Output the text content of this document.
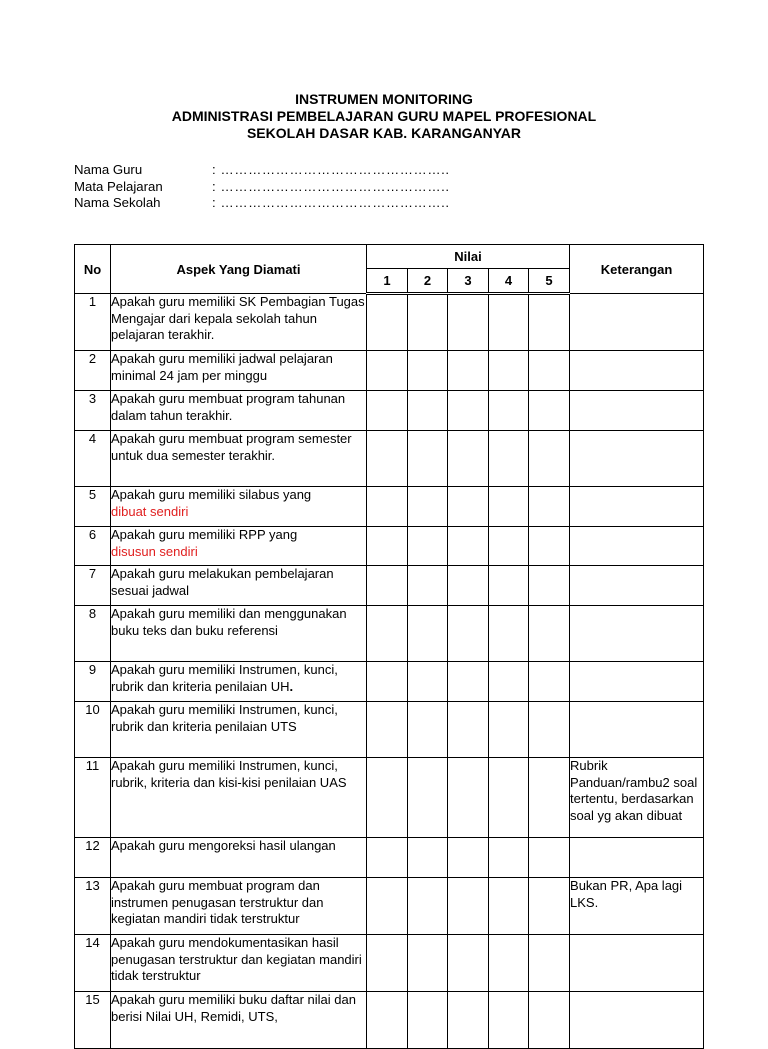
INSTRUMEN MONITORING
ADMINISTRASI PEMBELAJARAN GURU MAPEL PROFESIONAL
SEKOLAH DASAR KAB. KARANGANYAR
Nama Guru	: …………………………………………..
Mata Pelajaran	: …………………………………………..
Nama Sekolah	: …………………………………………..
No	Aspek Yang Diamati	Nilai					Keterangan
		1	2	3	4	5	
1	Apakah guru memiliki SK Pembagian Tugas Mengajar dari kepala sekolah tahun pelajaran terakhir.						
2	Apakah guru memiliki jadwal pelajaran minimal 24 jam per minggu						
3	Apakah guru membuat program tahunan dalam tahun terakhir.						
4	Apakah guru membuat program semester untuk dua semester terakhir.						
5	Apakah guru memiliki silabus yang
dibuat sendiri						
6	Apakah guru memiliki RPP yang
disusun sendiri						
7	Apakah guru melakukan pembelajaran sesuai jadwal						
8	Apakah guru memiliki dan menggunakan buku teks dan buku referensi						
9	Apakah guru memiliki Instrumen, kunci, rubrik dan kriteria penilaian UH.						
10	Apakah guru memiliki Instrumen, kunci, rubrik dan kriteria penilaian UTS						
11	Apakah guru memiliki Instrumen, kunci, rubrik, kriteria dan kisi-kisi penilaian UAS						Rubrik Panduan/rambu2 soal tertentu, berdasarkan soal yg akan dibuat
12	Apakah guru mengoreksi hasil ulangan						
13	Apakah guru membuat program dan instrumen penugasan terstruktur dan kegiatan mandiri tidak terstruktur						Bukan PR, Apa lagi LKS.
14	Apakah guru mendokumentasikan hasil penugasan terstruktur dan kegiatan mandiri tidak terstruktur						
15	Apakah guru memiliki buku daftar nilai dan berisi Nilai UH, Remidi, UTS,						
